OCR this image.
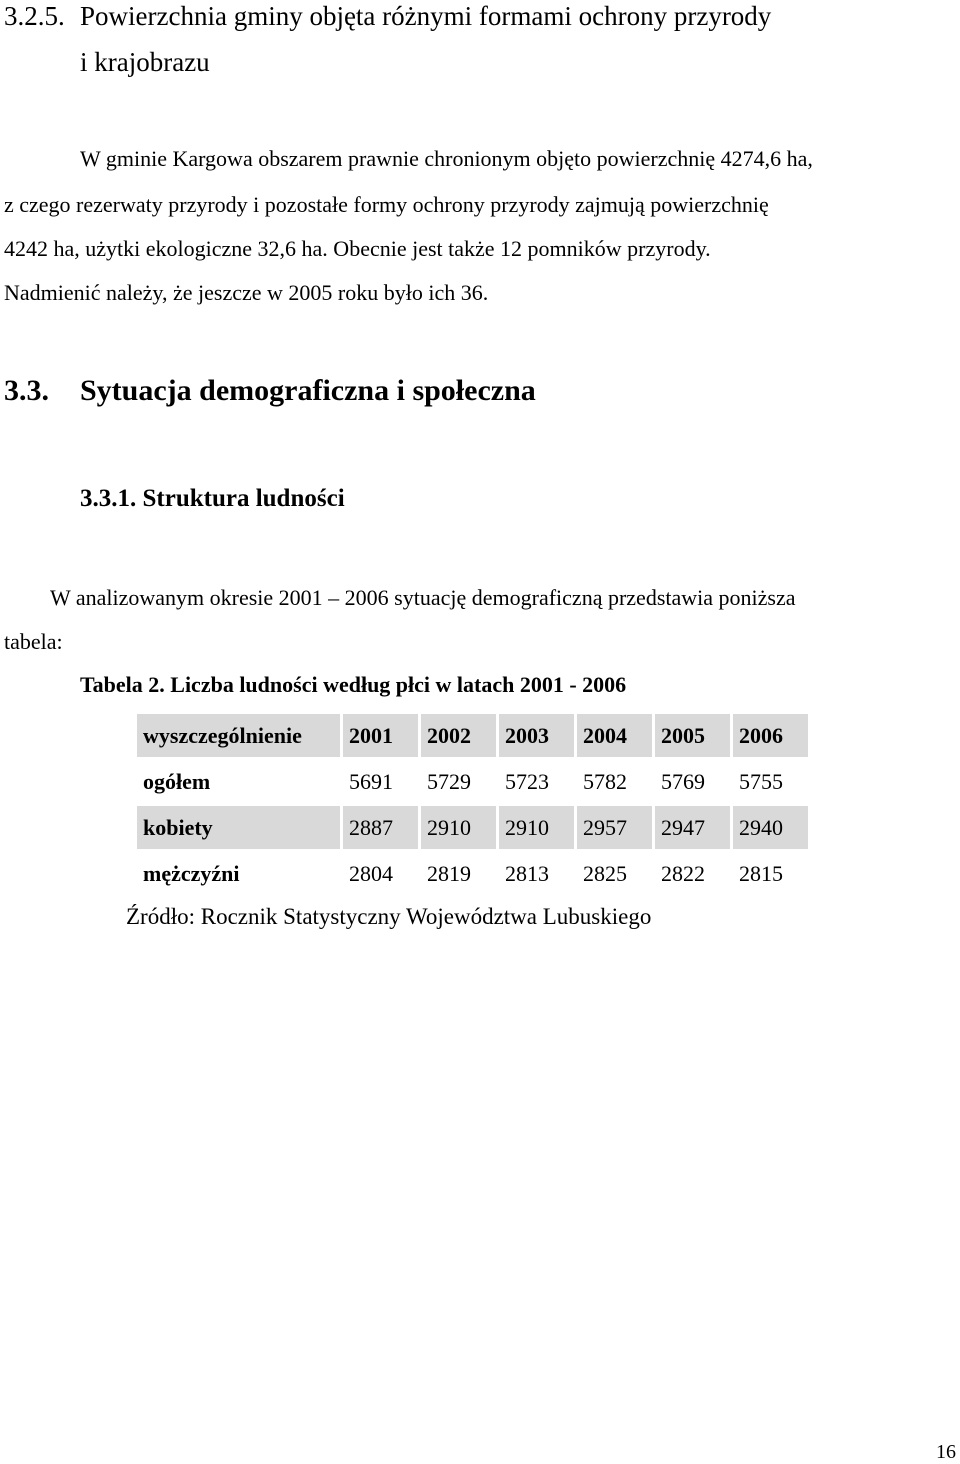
3.2.5. Powierzchnia gminy objęta różnymi formami ochrony przyrody
i krajobrazu
W gminie Kargowa obszarem prawnie chronionym objęto powierzchnię 4274,6 ha,
z czego rezerwaty przyrody i pozostałe formy ochrony przyrody zajmują powierzchnię
4242 ha, użytki ekologiczne 32,6 ha. Obecnie jest także 12 pomników przyrody.
Nadmienić należy, że jeszcze w 2005 roku było ich 36.
3.3. Sytuacja demograficzna i społeczna
3.3.1. Struktura ludności
W analizowanym okresie 2001 – 2006 sytuację demograficzną przedstawia poniższa
tabela:
Tabela 2. Liczba ludności według płci w latach 2001 - 2006
wyszczególnienie	2001	2002	2003	2004	2005	2006
ogółem	5691	5729	5723	5782	5769	5755
kobiety	2887	2910	2910	2957	2947	2940
mężczyźni	2804	2819	2813	2825	2822	2815
Źródło: Rocznik Statystyczny Województwa Lubuskiego
16
